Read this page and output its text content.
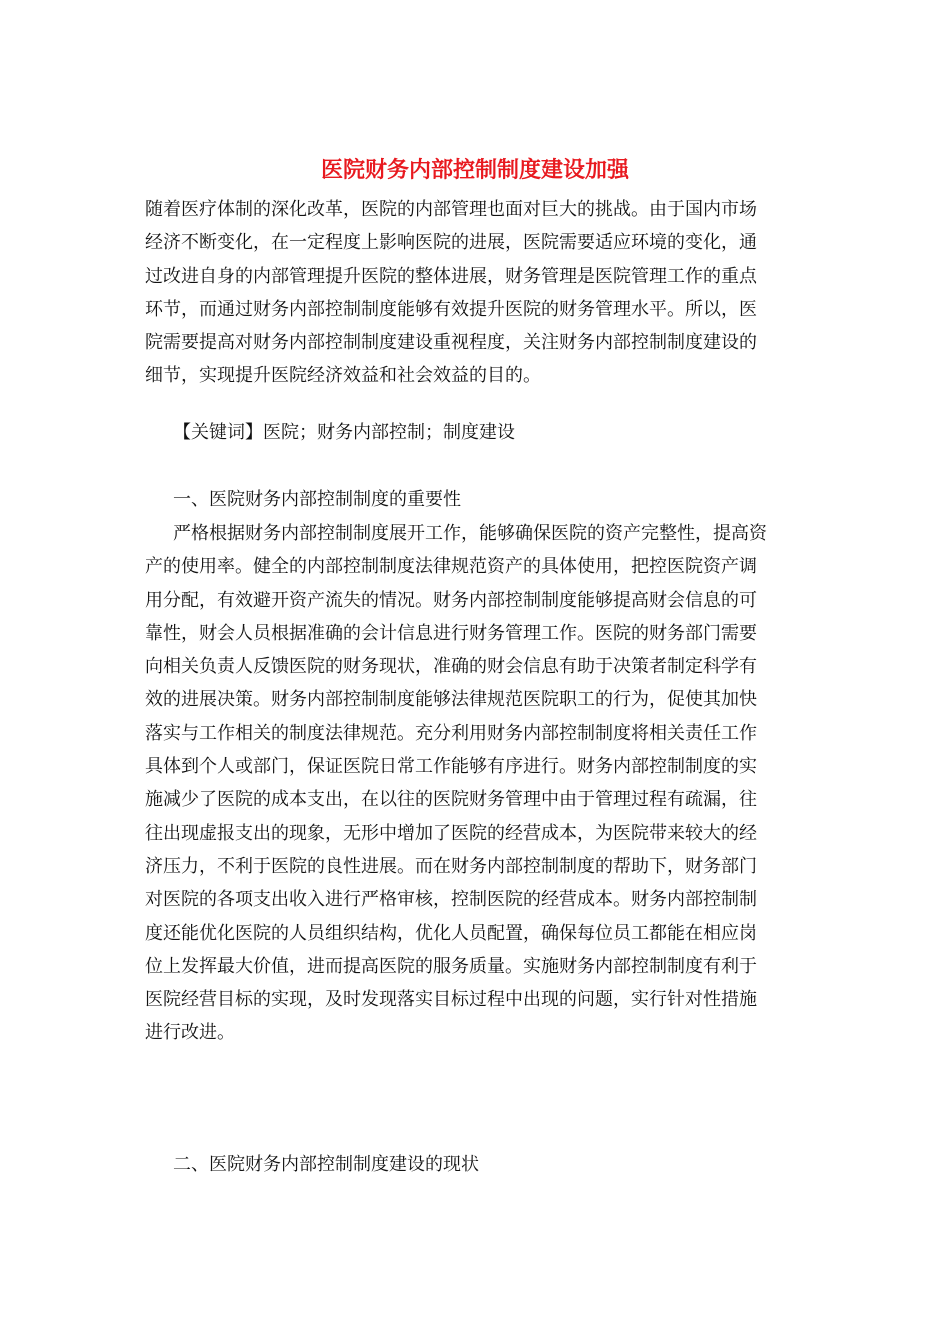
医院财务内部控制制度建设加强
随着医疗体制的深化改革，医院的内部管理也面对巨大的挑战。由于国内市场
经济不断变化，在一定程度上影响医院的进展，医院需要适应环境的变化，通
过改进自身的内部管理提升医院的整体进展，财务管理是医院管理工作的重点
环节，而通过财务内部控制制度能够有效提升医院的财务管理水平。所以，医
院需要提高对财务内部控制制度建设重视程度，关注财务内部控制制度建设的
细节，实现提升医院经济效益和社会效益的目的。
【关键词】医院；财务内部控制；制度建设
一、医院财务内部控制制度的重要性
严格根据财务内部控制制度展开工作，能够确保医院的资产完整性，提高资
产的使用率。健全的内部控制制度法律规范资产的具体使用，把控医院资产调
用分配，有效避开资产流失的情况。财务内部控制制度能够提高财会信息的可
靠性，财会人员根据准确的会计信息进行财务管理工作。医院的财务部门需要
向相关负责人反馈医院的财务现状，准确的财会信息有助于决策者制定科学有
效的进展决策。财务内部控制制度能够法律规范医院职工的行为，促使其加快
落实与工作相关的制度法律规范。充分利用财务内部控制制度将相关责任工作
具体到个人或部门，保证医院日常工作能够有序进行。财务内部控制制度的实
施减少了医院的成本支出，在以往的医院财务管理中由于管理过程有疏漏，往
往出现虚报支出的现象，无形中增加了医院的经营成本，为医院带来较大的经
济压力，不利于医院的良性进展。而在财务内部控制制度的帮助下，财务部门
对医院的各项支出收入进行严格审核，控制医院的经营成本。财务内部控制制
度还能优化医院的人员组织结构，优化人员配置，确保每位员工都能在相应岗
位上发挥最大价值，进而提高医院的服务质量。实施财务内部控制制度有利于
医院经营目标的实现，及时发现落实目标过程中出现的问题，实行针对性措施
进行改进。
二、医院财务内部控制制度建设的现状
